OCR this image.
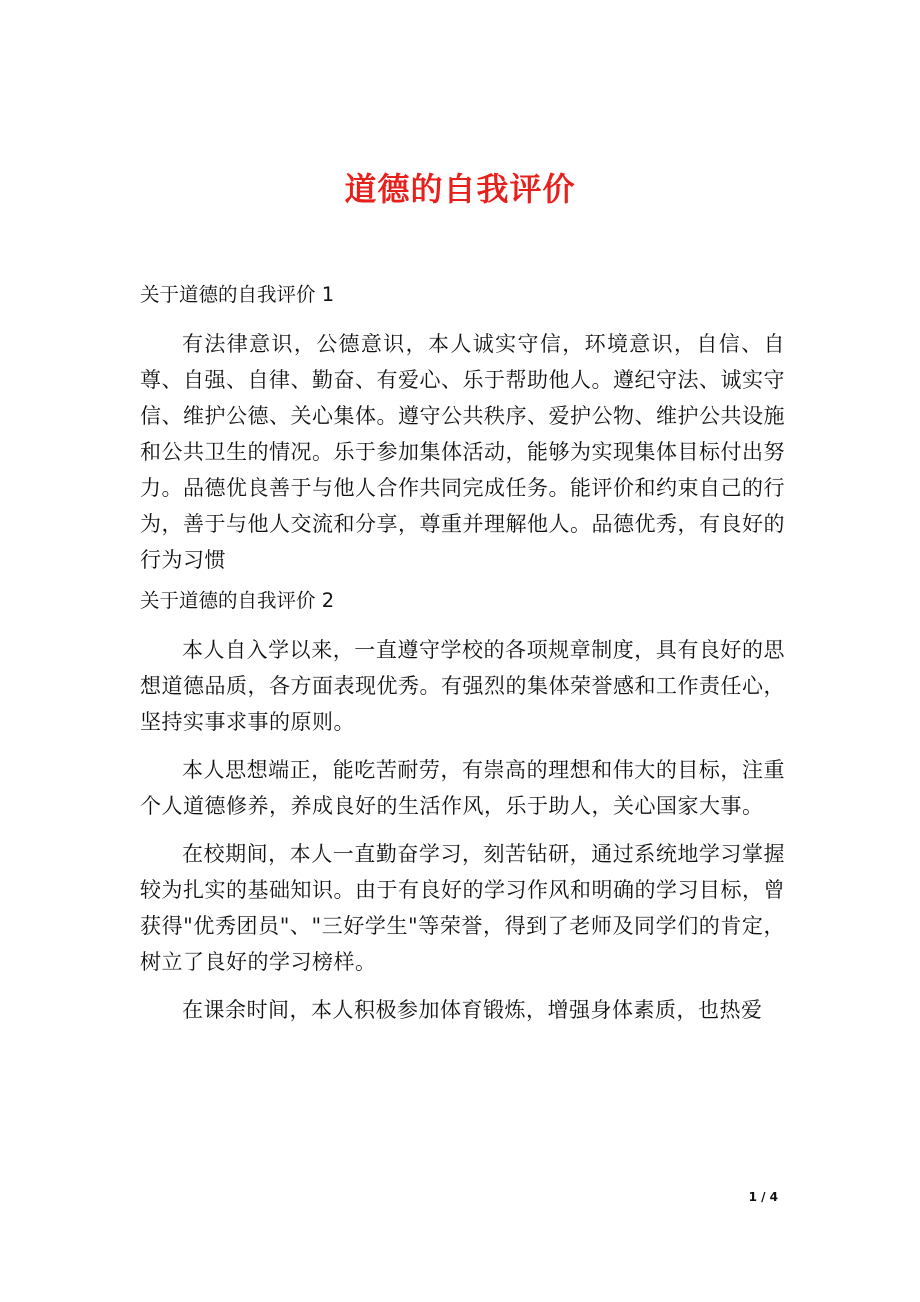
道德的自我评价

关于道德的自我评价 1

有法律意识，公德意识，本人诚实守信，环境意识，自信、自尊、自强、自律、勤奋、有爱心、乐于帮助他人。遵纪守法、诚实守信、维护公德、关心集体。遵守公共秩序、爱护公物、维护公共设施和公共卫生的情况。乐于参加集体活动，能够为实现集体目标付出努力。品德优良善于与他人合作共同完成任务。能评价和约束自己的行为，善于与他人交流和分享，尊重并理解他人。品德优秀，有良好的行为习惯

关于道德的自我评价 2

本人自入学以来，一直遵守学校的各项规章制度，具有良好的思想道德品质，各方面表现优秀。有强烈的集体荣誉感和工作责任心，坚持实事求事的原则。

本人思想端正，能吃苦耐劳，有崇高的理想和伟大的目标，注重个人道德修养，养成良好的生活作风，乐于助人，关心国家大事。

在校期间，本人一直勤奋学习，刻苦钻研，通过系统地学习掌握较为扎实的基础知识。由于有良好的学习作风和明确的学习目标，曾获得"优秀团员"、"三好学生"等荣誉，得到了老师及同学们的肯定，树立了良好的学习榜样。

在课余时间，本人积极参加体育锻炼，增强身体素质，也热爱

1 / 4
